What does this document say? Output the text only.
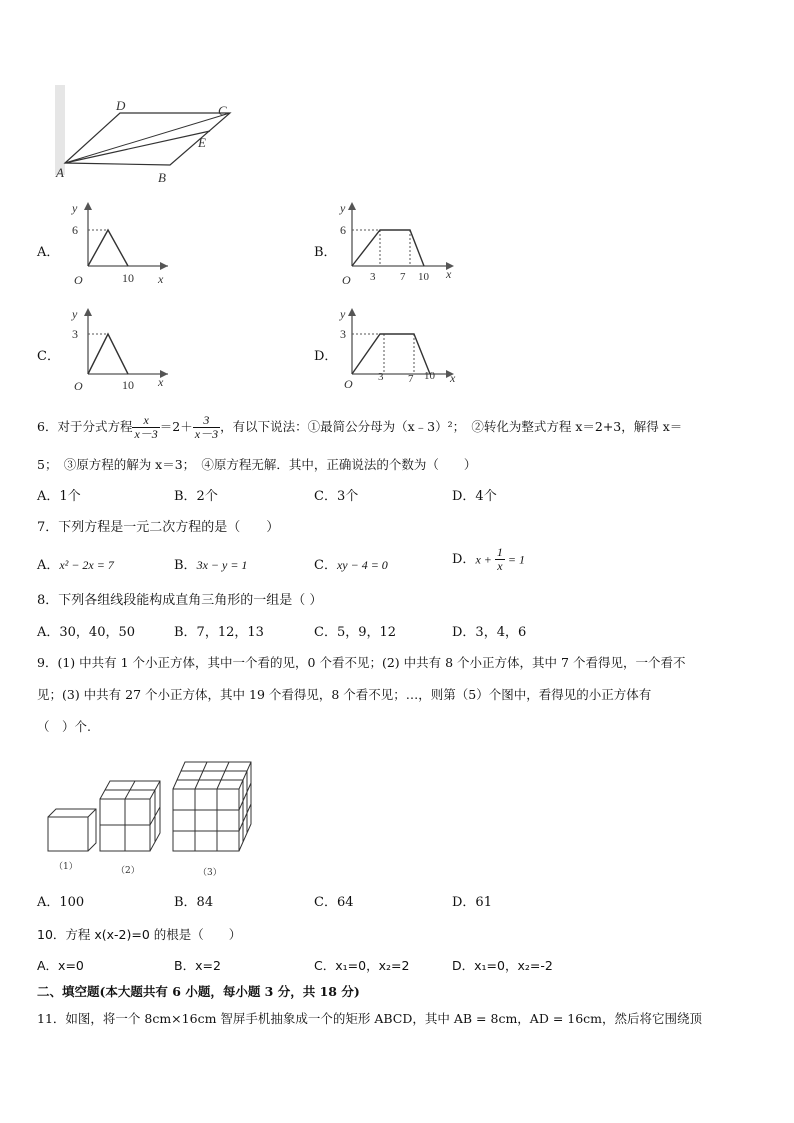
D	C
E
A	B
A．
y
x
O
6
10
B．
y
x
O
6
3 7 10
C．
y
x
O
3
10
D．
y
x
O
3
3 7 10
6．对于分式方程 $\frac{x}{x-3} =2+ \frac{3}{x-3}$ ，有以下说法：①最简公分母为（x﹣3）²；　②转化为整式方程 x＝2+3，解得 x＝
5；　③原方程的解为 x＝3；　④原方程无解．其中，正确说法的个数为（　　）
A．1个	B．2个	C．3个	D．4个
7．下列方程是一元二次方程的是（　　）
A．x² − 2x = 7	B．3x − y = 1	C．xy − 4 = 0	D．$x + \frac{1}{x} = 1$
8．下列各组线段能构成直角三角形的一组是（ ）
A．30，40，50	B．7，12，13	C．5，9，12	D．3，4，6
9．(1) 中共有 1 个小正方体，其中一个看的见，0 个看不见；(2) 中共有 8 个小正方体，其中 7 个看得见，一个看不
见；(3) 中共有 27 个小正方体，其中 19 个看得见，8 个看不见；…，则第（5）个图中，看得见的小正方体有
（　）个.
（1）	（2）	（3）
A．100	B．84	C．64	D．61
10．方程 x(x-2)=0 的根是（　　）
A．x=0	B．x=2	C．x₁=0，x₂=2	D．x₁=0，x₂=-2
二、填空题(本大题共有 6 小题，每小题 3 分，共 18 分)
11．如图，将一个 8cm×16cm 智屏手机抽象成一个的矩形 ABCD，其中 AB = 8cm，AD = 16cm，然后将它围绕顶
